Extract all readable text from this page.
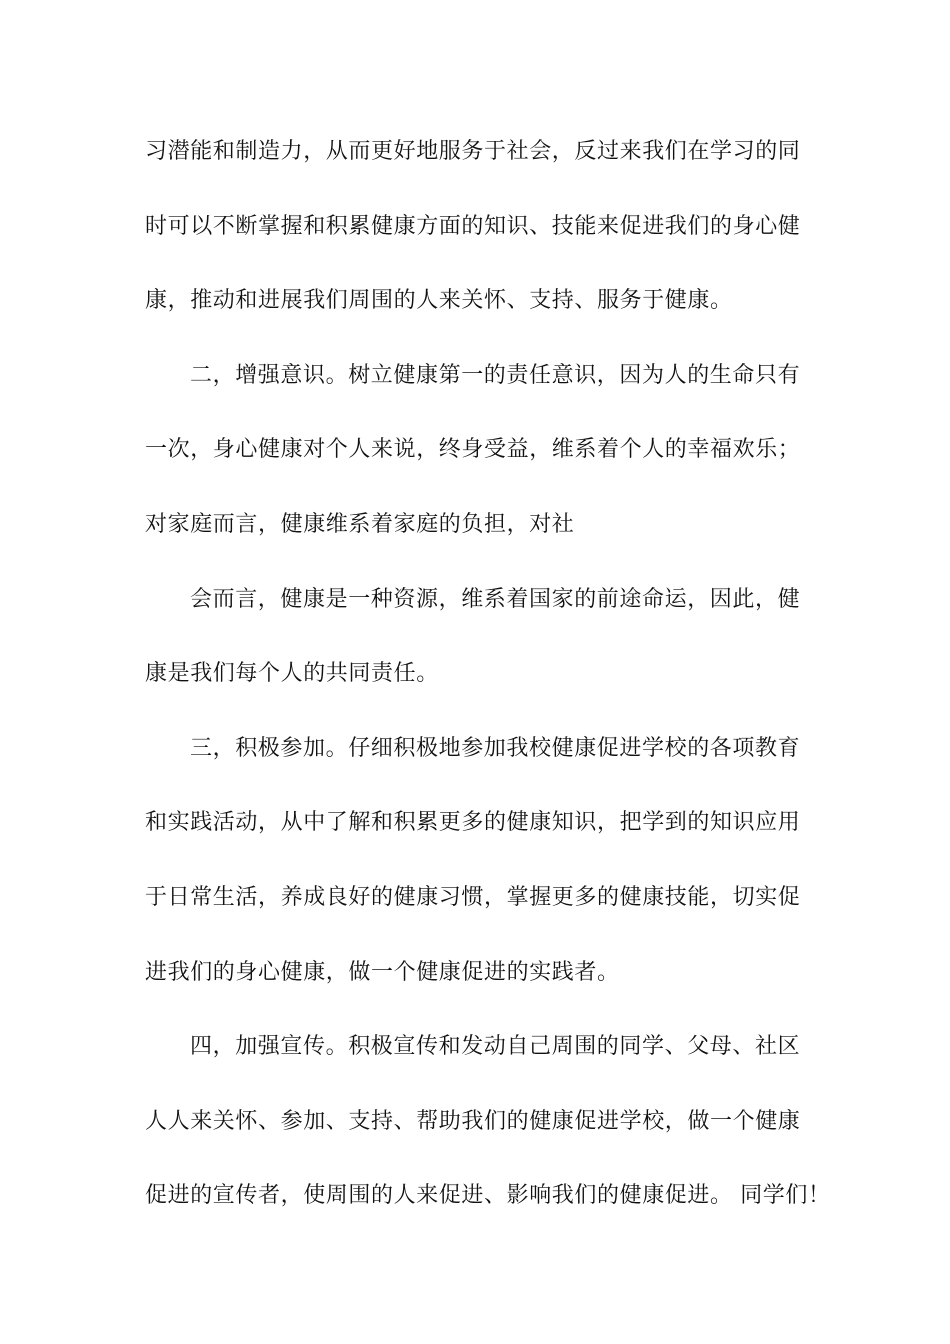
习潜能和制造力，从而更好地服务于社会，反过来我们在学习的同
时可以不断掌握和积累健康方面的知识、技能来促进我们的身心健
康，推动和进展我们周围的人来关怀、支持、服务于健康。
二，增强意识。树立健康第一的责任意识，因为人的生命只有
一次，身心健康对个人来说，终身受益，维系着个人的幸福欢乐；
对家庭而言，健康维系着家庭的负担，对社
会而言，健康是一种资源，维系着国家的前途命运，因此，健
康是我们每个人的共同责任。
三，积极参加。仔细积极地参加我校健康促进学校的各项教育
和实践活动，从中了解和积累更多的健康知识，把学到的知识应用
于日常生活，养成良好的健康习惯，掌握更多的健康技能，切实促
进我们的身心健康，做一个健康促进的实践者。
四，加强宣传。积极宣传和发动自己周围的同学、父母、社区
人人来关怀、参加、支持、帮助我们的健康促进学校，做一个健康
促进的宣传者，使周围的人来促进、影响我们的健康促进。 同学们！
